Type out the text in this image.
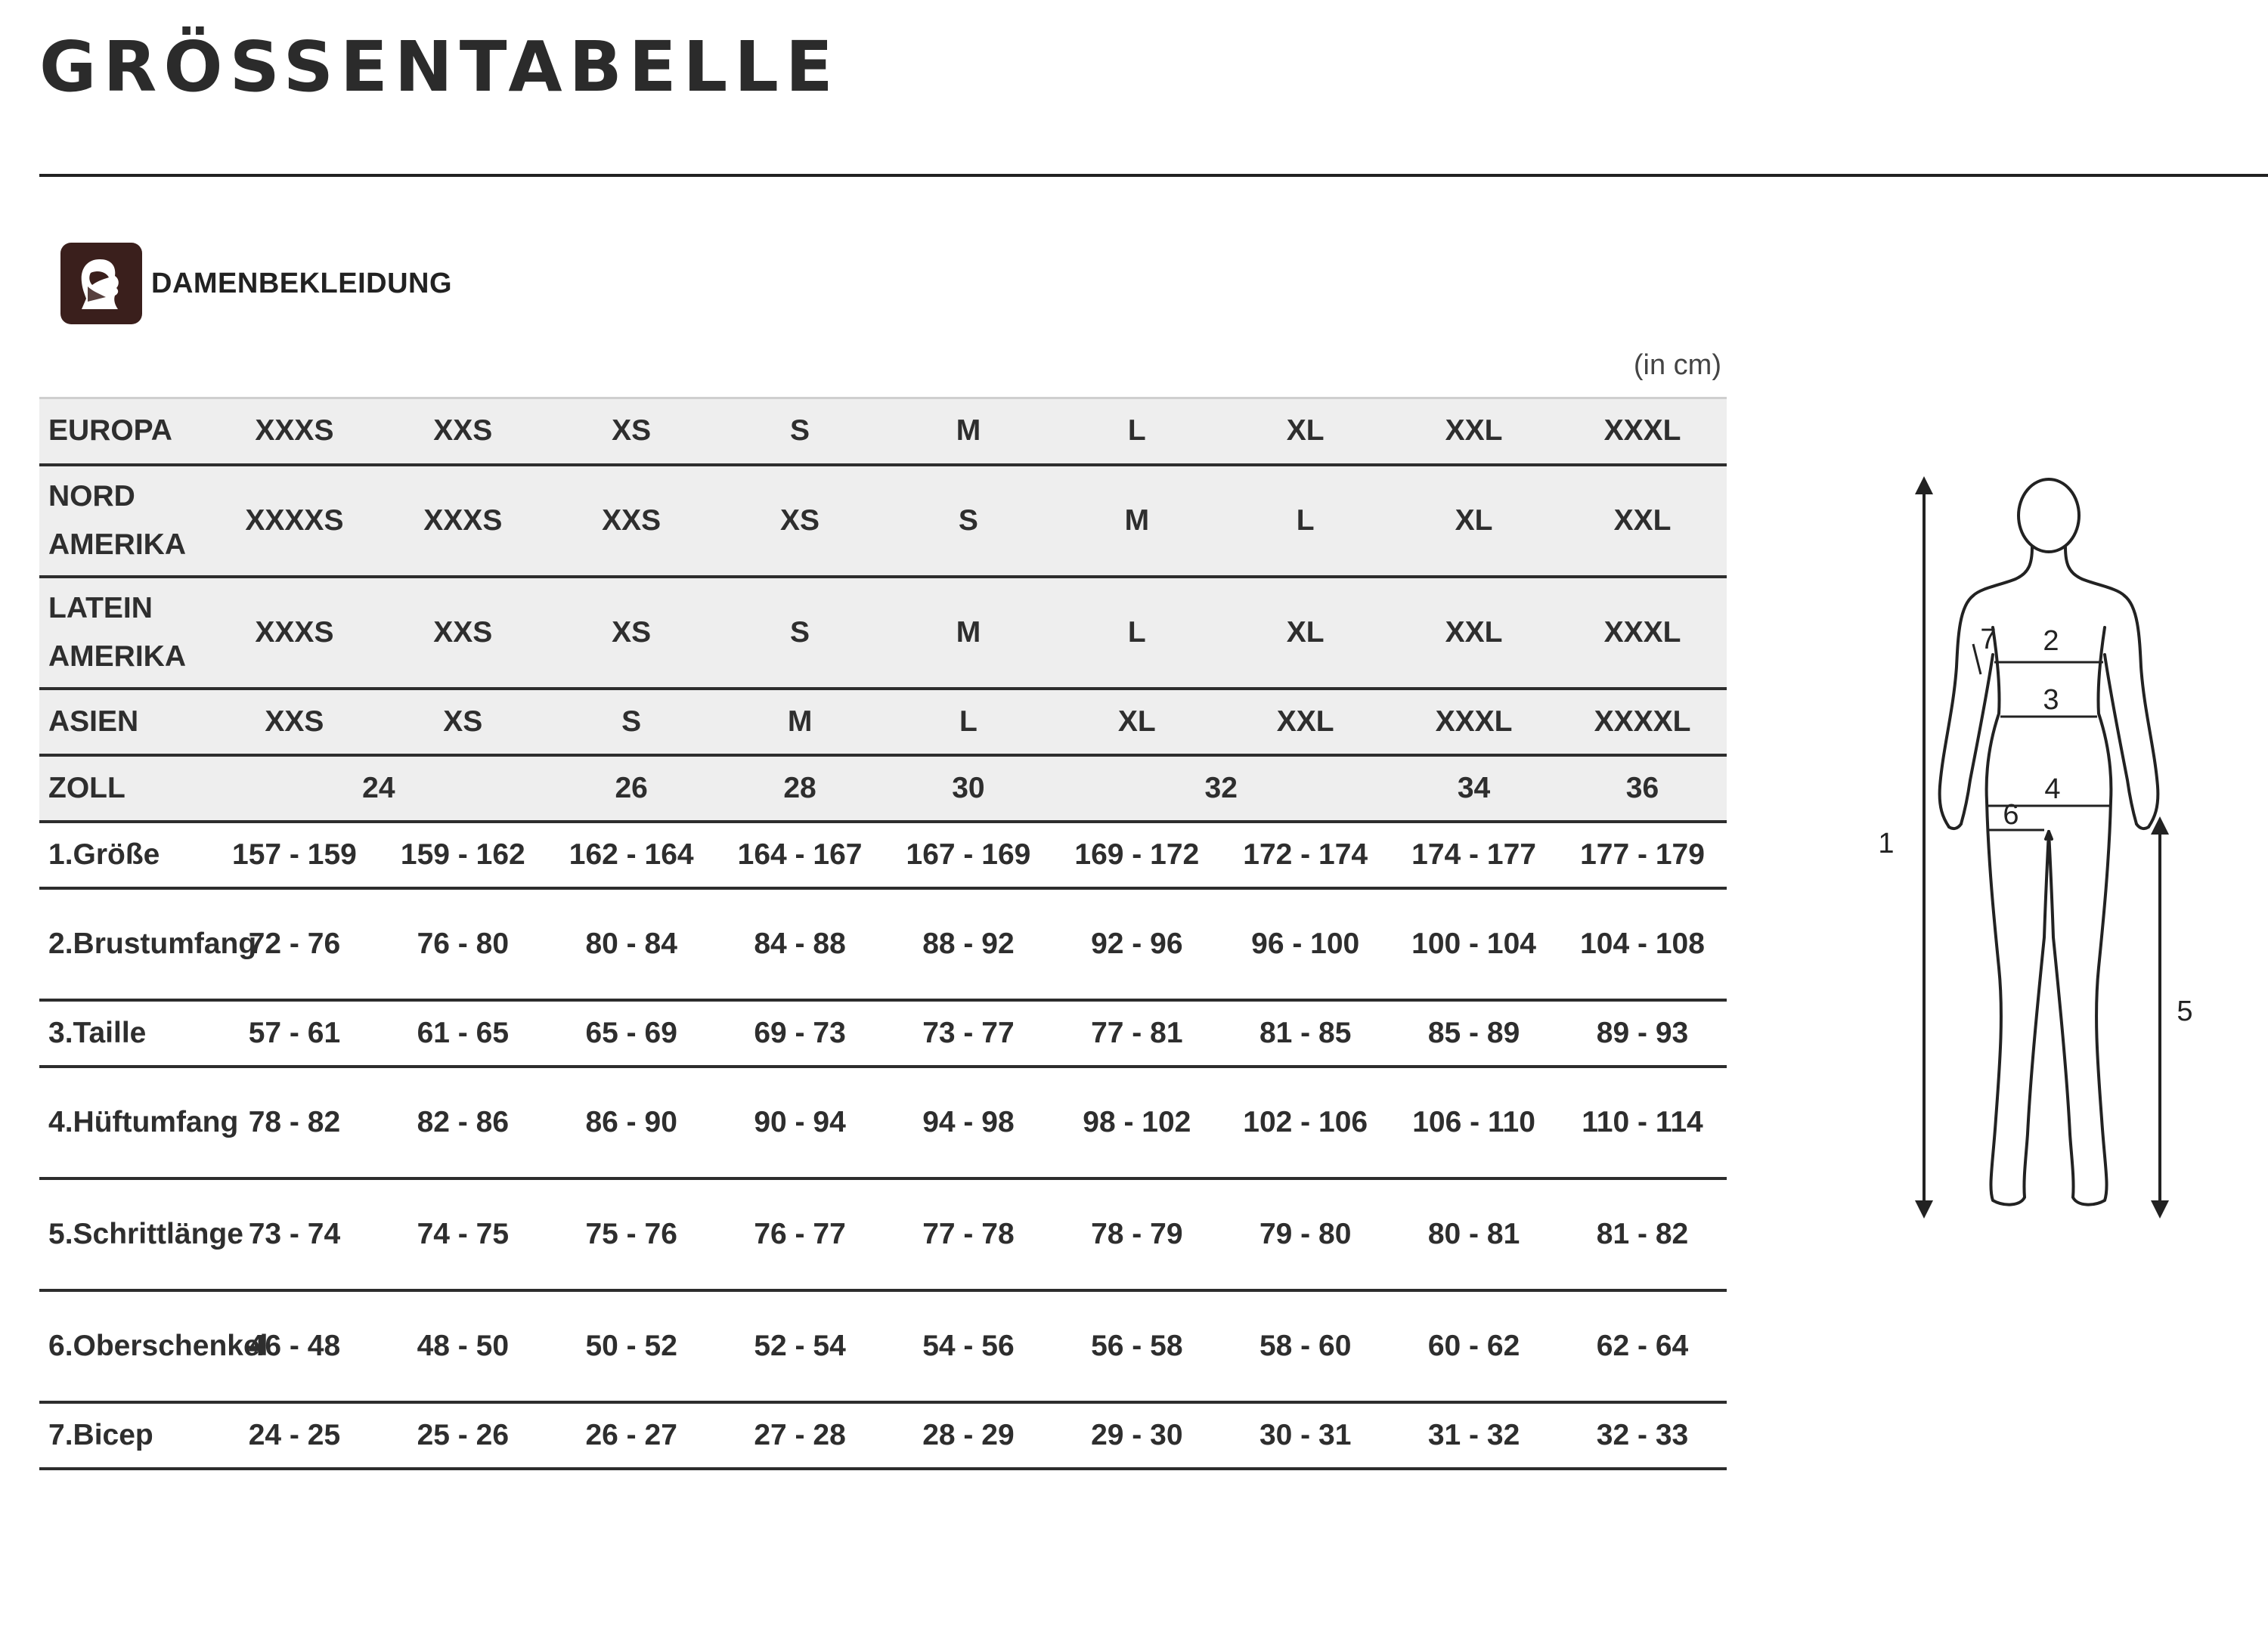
GRÖSSENTABELLE
DAMENBEKLEIDUNG
(in cm)
EUROPA	XXXS	XXS	XS	S	M	L	XL	XXL	XXXL
NORD AMERIKA	XXXXS	XXXS	XXS	XS	S	M	L	XL	XXL
LATEIN AMERIKA	XXXS	XXS	XS	S	M	L	XL	XXL	XXXL
ASIEN	XXS	XS	S	M	L	XL	XXL	XXXL	XXXXL
ZOLL	24		26	28	30	32		34	36
1.Größe	157 - 159	159 - 162	162 - 164	164 - 167	167 - 169	169 - 172	172 - 174	174 - 177	177 - 179
2.Brustumfang	72 - 76	76 - 80	80 - 84	84 - 88	88 - 92	92 - 96	96 - 100	100 - 104	104 - 108
3.Taille	57 - 61	61 - 65	65 - 69	69 - 73	73 - 77	77 - 81	81 - 85	85 - 89	89 - 93
4.Hüftumfang	78 - 82	82 - 86	86 - 90	90 - 94	94 - 98	98 - 102	102 - 106	106 - 110	110 - 114
5.Schrittlänge	73 - 74	74 - 75	75 - 76	76 - 77	77 - 78	78 - 79	79 - 80	80 - 81	81 - 82
6.Oberschenkel	46 - 48	48 - 50	50 - 52	52 - 54	54 - 56	56 - 58	58 - 60	60 - 62	62 - 64
7.Bicep	24 - 25	25 - 26	26 - 27	27 - 28	28 - 29	29 - 30	30 - 31	31 - 32	32 - 33
1
2
3
4
5
6
7
